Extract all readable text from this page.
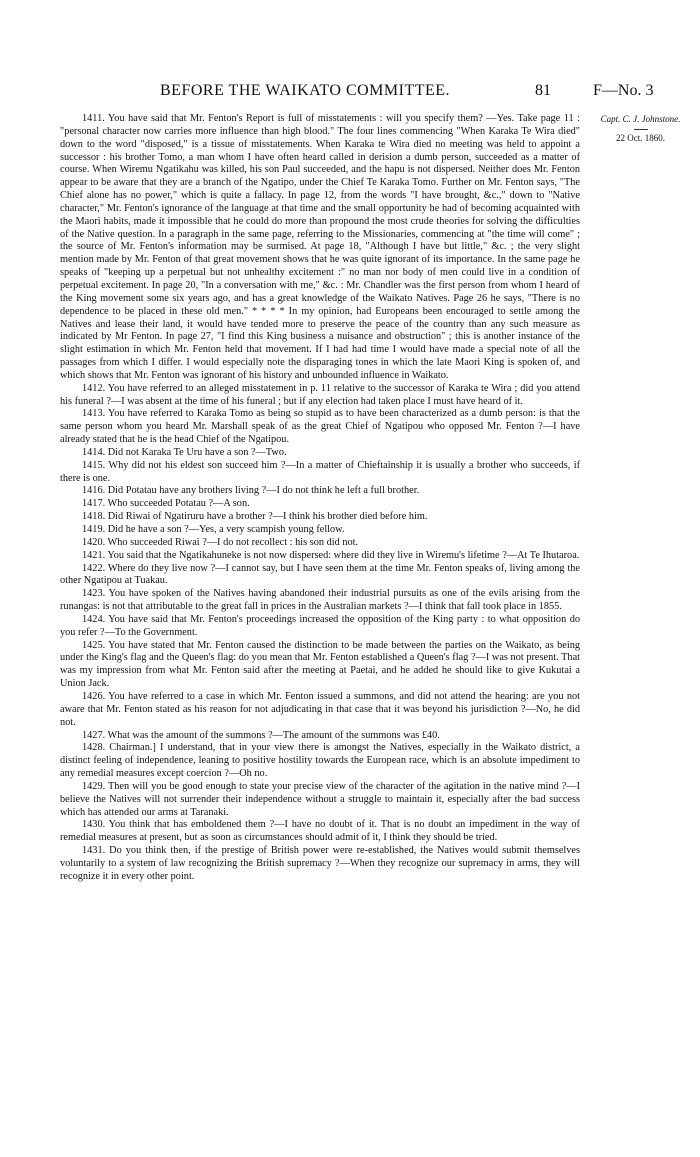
BEFORE THE WAIKATO COMMITTEE.	81	F—No. 3
Capt. C. J. Johnstone.
22 Oct. 1860.

1411. You have said that Mr. Fenton's Report is full of misstatements : will you specify them? —Yes. Take page 11 : "personal character now carries more influence than high blood." The four lines commencing "When Karaka Te Wira died" down to the word "disposed," is a tissue of misstatements. When Karaka te Wira died no meeting was held to appoint a successor : his brother Tomo, a man whom I have often heard called in derision a dumb person, succeeded as a matter of course. When Wiremu Ngatikahu was killed, his son Paul succeeded, and the hapu is not dispersed. Neither does Mr. Fenton appear to be aware that they are a branch of the Ngatipo, under the Chief Te Karaka Tomo. Further on Mr. Fenton says, "The Chief alone has no power," which is quite a fallacy. In page 12, from the words "I have brought, &c.," down to "Native character," Mr. Fenton's ignorance of the language at that time and the small opportunity he had of becoming acquainted with the Maori habits, made it impossible that he could do more than propound the most crude theories for solving the difficulties of the Native question. In a paragraph in the same page, referring to the Missionaries, commencing at "the time will come" ; the source of Mr. Fenton's information may be surmised. At page 18, "Although I have but little," &c. ; the very slight mention made by Mr. Fenton of that great movement shows that he was quite ignorant of its importance. In the same page he speaks of "keeping up a perpetual but not unhealthy excitement :" no man nor body of men could live in a condition of perpetual excitement. In page 20, "In a conversation with me," &c. : Mr. Chandler was the first person from whom I heard of the King movement some six years ago, and has a great knowledge of the Waikato Natives. Page 26 he says, "There is no dependence to be placed in these old men." * * * * In my opinion, had Europeans been encouraged to settle among the Natives and lease their land, it would have tended more to preserve the peace of the country than any such measure as indicated by Mr Fenton. In page 27, "I find this King business a nuisance and obstruction" ; this is another instance of the slight estimation in which Mr. Fenton held that movement. If I had had time I would have made a special note of all the passages from which I differ. I would especially note the disparaging tones in which the late Maori King is spoken of, and which shows that Mr. Fenton was ignorant of his history and unbounded influence in Waikato.

1412. You have referred to an alleged misstatement in p. 11 relative to the successor of Karaka te Wira ; did you attend his funeral ?—I was absent at the time of his funeral ; but if any election had taken place I must have heard of it.

1413. You have referred to Karaka Tomo as being so stupid as to have been characterized as a dumb person: is that the same person whom you heard Mr. Marshall speak of as the great Chief of Ngatipou who opposed Mr. Fenton ?—I have already stated that he is the head Chief of the Ngatipou.

1414. Did not Karaka Te Uru have a son ?—Two.

1415. Why did not his eldest son succeed him ?—In a matter of Chieftainship it is usually a brother who succeeds, if there is one.

1416. Did Potatau have any brothers living ?—I do not think he left a full brother.

1417. Who succeeded Potatau ?—A son.

1418. Did Riwai of Ngatiruru have a brother ?—I think his brother died before him.

1419. Did he have a son ?—Yes, a very scampish young fellow.

1420. Who succeeded Riwai ?—I do not recollect : his son did not.

1421. You said that the Ngatikahuneke is not now dispersed: where did they live in Wiremu's lifetime ?—At Te Ihutaroa.

1422. Where do they live now ?—I cannot say, but I have seen them at the time Mr. Fenton speaks of, living among the other Ngatipou at Tuakau.

1423. You have spoken of the Natives having abandoned their industrial pursuits as one of the evils arising from the runangas: is not that attributable to the great fall in prices in the Australian markets ?—I think that fall took place in 1855.

1424. You have said that Mr. Fenton's proceedings increased the opposition of the King party : to what opposition do you refer ?—To the Government.

1425. You have stated that Mr. Fenton caused the distinction to be made between the parties on the Waikato, as being under the King's flag and the Queen's flag: do you mean that Mr. Fenton established a Queen's flag ?—I was not present. That was my impression from what Mr. Fenton said after the meeting at Paetai, and he added he should like to give Kukutai a Union Jack.

1426. You have referred to a case in which Mr. Fenton issued a summons, and did not attend the hearing: are you not aware that Mr. Fenton stated as his reason for not adjudicating in that case that it was beyond his jurisdiction ?—No, he did not.

1427. What was the amount of the summons ?—The amount of the summons was £40.

1428. Chairman.] I understand, that in your view there is amongst the Natives, especially in the Waikato district, a distinct feeling of independence, leaning to positive hostility towards the European race, which is an absolute impediment to any remedial measures except coercion ?—Oh no.

1429. Then will you be good enough to state your precise view of the character of the agitation in the native mind ?—I believe the Natives will not surrender their independence without a struggle to maintain it, especially after the bad success which has attended our arms at Taranaki.

1430. You think that has emboldened them ?—I have no doubt of it. That is no doubt an impediment in the way of remedial measures at present, but as soon as circumstances should admit of it, I think they should be tried.

1431. Do you think then, if the prestige of British power were re-established, the Natives would submit themselves voluntarily to a system of law recognizing the British supremacy ?—When they recognize our supremacy in arms, they will recognize it in every other point.
